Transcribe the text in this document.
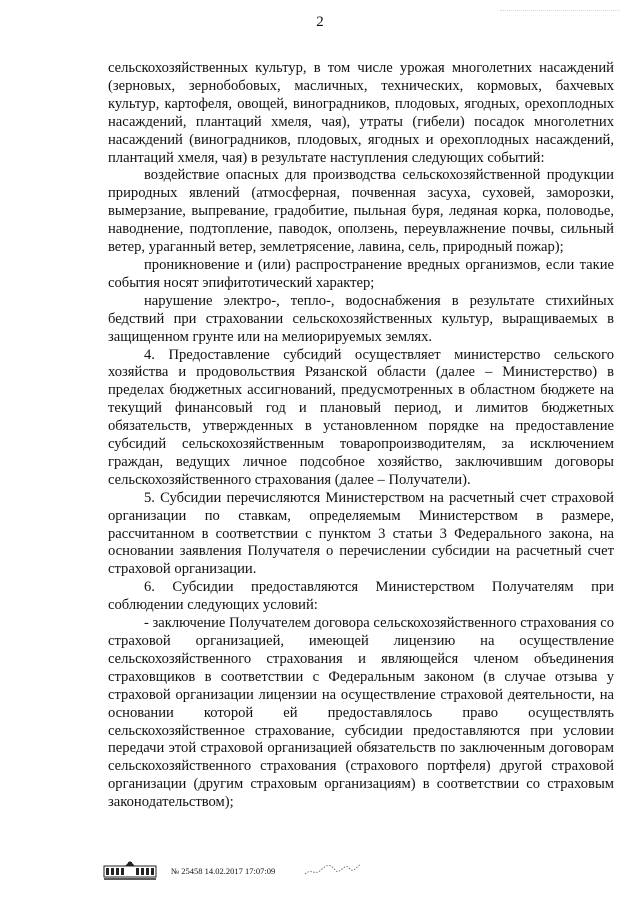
2

сельскохозяйственных культур, в том числе урожая многолетних насаждений (зерновых, зернобобовых, масличных, технических, кормовых, бахчевых культур, картофеля, овощей, виноградников, плодовых, ягодных, орехоплодных насаждений, плантаций хмеля, чая), утраты (гибели) посадок многолетних насаждений (виноградников, плодовых, ягодных и орехоплодных насаждений, плантаций хмеля, чая) в результате наступления следующих событий:

воздействие опасных для производства сельскохозяйственной продукции природных явлений (атмосферная, почвенная засуха, суховей, заморозки, вымерзание, выпревание, градобитие, пыльная буря, ледяная корка, половодье, наводнение, подтопление, паводок, оползень, переувлажнение почвы, сильный ветер, ураганный ветер, землетрясение, лавина, сель, природный пожар);

проникновение и (или) распространение вредных организмов, если такие события носят эпифитотический характер;

нарушение электро-, тепло-, водоснабжения в результате стихийных бедствий при страховании сельскохозяйственных культур, выращиваемых в защищенном грунте или на мелиорируемых землях.

4. Предоставление субсидий осуществляет министерство сельского хозяйства и продовольствия Рязанской области (далее – Министерство) в пределах бюджетных ассигнований, предусмотренных в областном бюджете на текущий финансовый год и плановый период, и лимитов бюджетных обязательств, утвержденных в установленном порядке на предоставление субсидий сельскохозяйственным товаропроизводителям, за исключением граждан, ведущих личное подсобное хозяйство, заключившим договоры сельскохозяйственного страхования (далее – Получатели).

5. Субсидии перечисляются Министерством на расчетный счет страховой организации по ставкам, определяемым Министерством в размере, рассчитанном в соответствии с пунктом 3 статьи 3 Федерального закона, на основании заявления Получателя о перечислении субсидии на расчетный счет страховой организации.

6. Субсидии предоставляются Министерством Получателям при соблюдении следующих условий:

- заключение Получателем договора сельскохозяйственного страхования со страховой организацией, имеющей лицензию на осуществление сельскохозяйственного страхования и являющейся членом объединения страховщиков в соответствии с Федеральным законом (в случае отзыва у страховой организации лицензии на осуществление страховой деятельности, на основании которой ей предоставлялось право осуществлять сельскохозяйственное страхование, субсидии предоставляются при условии передачи этой страховой организацией обязательств по заключенным договорам сельскохозяйственного страхования (страхового портфеля) другой страховой организации (другим страховым организациям) в соответствии со страховым законодательством);

№ 25458 14.02.2017 17:07:09
